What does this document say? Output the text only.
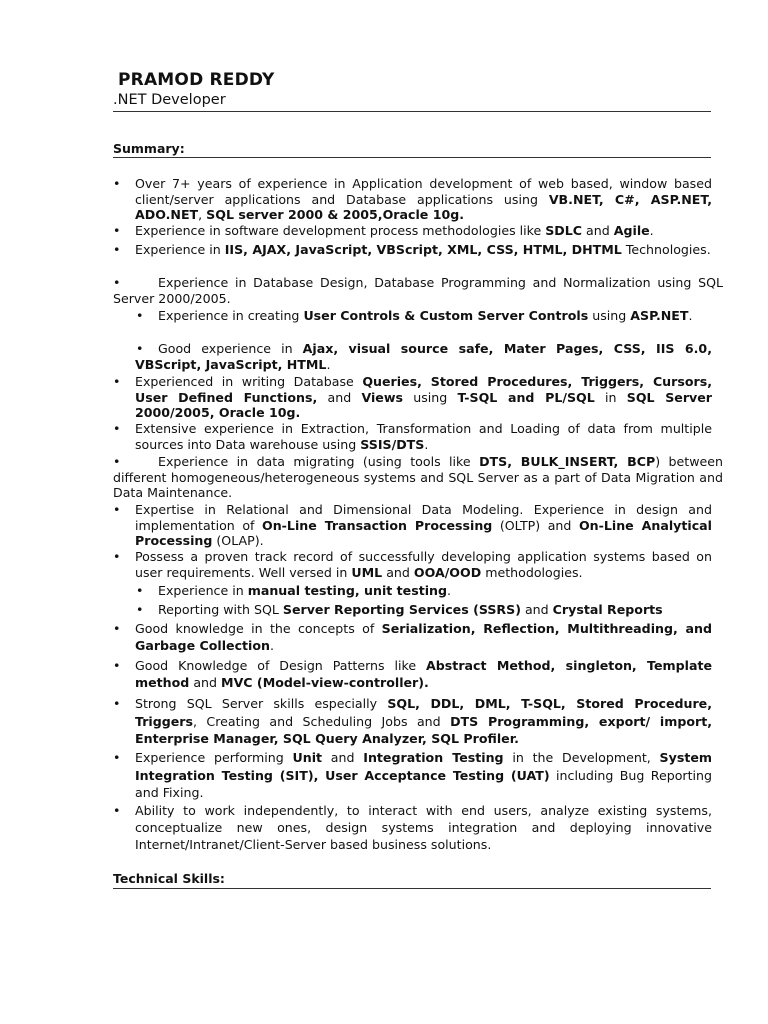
PRAMOD REDDY
.NET Developer
Summary:
• Over 7+ years of experience in Application development of web based, window based client/server applications and Database applications using VB.NET, C#, ASP.NET, ADO.NET, SQL server 2000 & 2005,Oracle 10g.
• Experience in software development process methodologies like SDLC and Agile.
• Experience in IIS, AJAX, JavaScript, VBScript, XML, CSS, HTML, DHTML Technologies.
•	Experience in Database Design, Database Programming and Normalization using SQL Server 2000/2005.
• Experience in creating User Controls & Custom Server Controls using ASP.NET.
• Good experience in Ajax, visual source safe, Mater Pages, CSS, IIS 6.0, VBScript, JavaScript, HTML.
• Experienced in writing Database Queries, Stored Procedures, Triggers, Cursors, User Defined Functions, and Views using T-SQL and PL/SQL in SQL Server 2000/2005, Oracle 10g.
• Extensive experience in Extraction, Transformation and Loading of data from multiple sources into Data warehouse using SSIS/DTS.
•	Experience in data migrating (using tools like DTS, BULK_INSERT, BCP) between different homogeneous/heterogeneous systems and SQL Server as a part of Data Migration and Data Maintenance.
• Expertise in Relational and Dimensional Data Modeling. Experience in design and implementation of On-Line Transaction Processing (OLTP) and On-Line Analytical Processing (OLAP).
• Possess a proven track record of successfully developing application systems based on user requirements. Well versed in UML and OOA/OOD methodologies.
• Experience in manual testing, unit testing.
• Reporting with SQL Server Reporting Services (SSRS) and Crystal Reports
• Good knowledge in the concepts of Serialization, Reflection, Multithreading, and Garbage Collection.
• Good Knowledge of Design Patterns like Abstract Method, singleton, Template method and MVC (Model-view-controller).
• Strong SQL Server skills especially SQL, DDL, DML, T-SQL, Stored Procedure, Triggers, Creating and Scheduling Jobs and DTS Programming, export/ import, Enterprise Manager, SQL Query Analyzer, SQL Profiler.
• Experience performing Unit and Integration Testing in the Development, System Integration Testing (SIT), User Acceptance Testing (UAT) including Bug Reporting and Fixing.
• Ability to work independently, to interact with end users, analyze existing systems, conceptualize new ones, design systems integration and deploying innovative Internet/Intranet/Client-Server based business solutions.
Technical Skills:
